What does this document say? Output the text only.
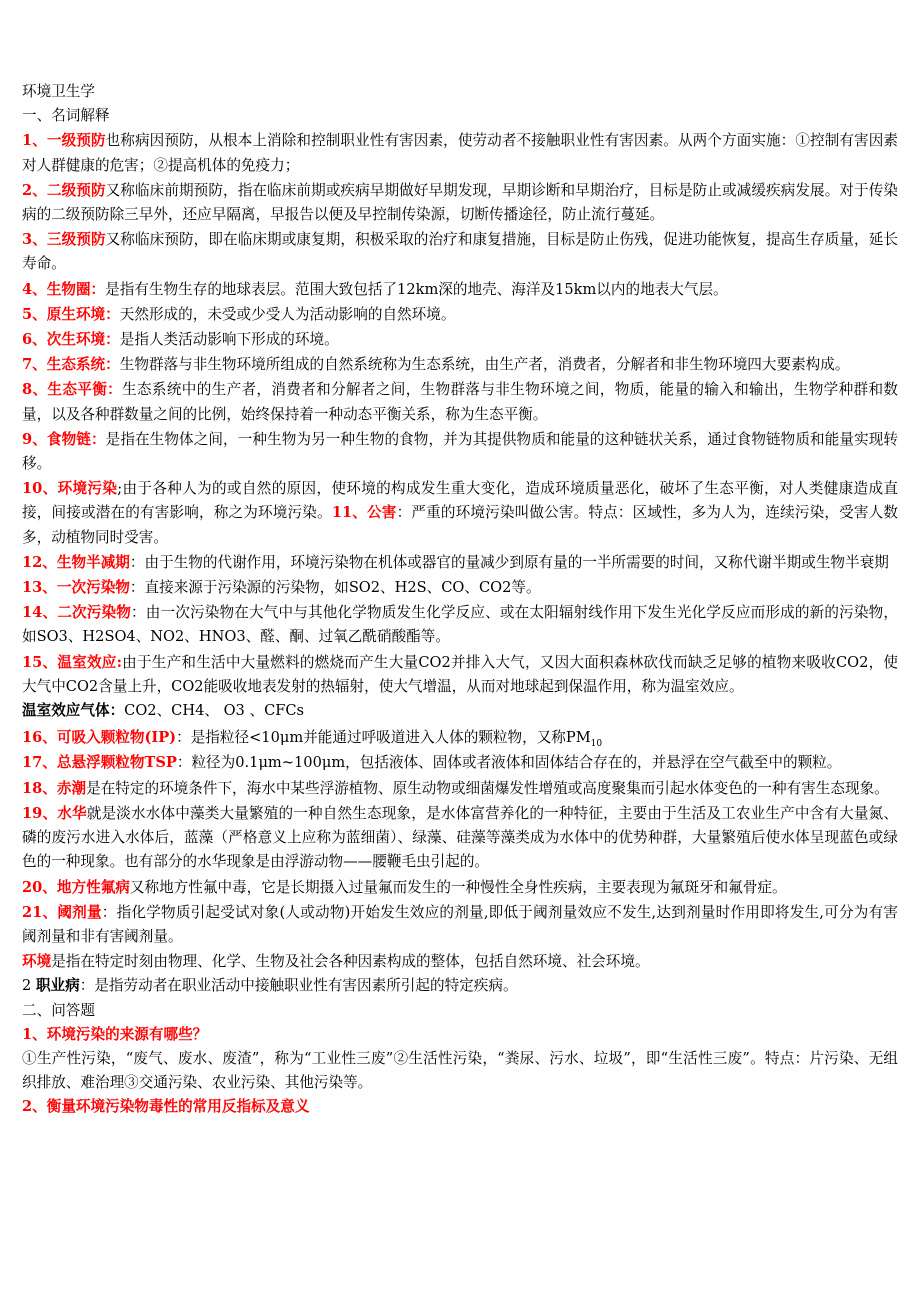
环境卫生学

一、名词解释

1、一级预防也称病因预防，从根本上消除和控制职业性有害因素，使劳动者不接触职业性有害因素。从两个方面实施：①控制有害因素对人群健康的危害；②提高机体的免疫力；

2、二级预防又称临床前期预防，指在临床前期或疾病早期做好早期发现，早期诊断和早期治疗，目标是防止或减缓疾病发展。对于传染病的二级预防除三早外，还应早隔离，早报告以便及早控制传染源，切断传播途径，防止流行蔓延。

3、三级预防又称临床预防，即在临床期或康复期，积极采取的治疗和康复措施，目标是防止伤残，促进功能恢复，提高生存质量，延长寿命。

4、生物圈：是指有生物生存的地球表层。范围大致包括了12km深的地壳、海洋及15km以内的地表大气层。

5、原生环境：天然形成的，未受或少受人为活动影响的自然环境。

6、次生环境：是指人类活动影响下形成的环境。

7、生态系统：生物群落与非生物环境所组成的自然系统称为生态系统，由生产者，消费者，分解者和非生物环境四大要素构成。

8、生态平衡：生态系统中的生产者，消费者和分解者之间，生物群落与非生物环境之间，物质，能量的输入和输出，生物学种群和数量，以及各种群数量之间的比例，始终保持着一种动态平衡关系，称为生态平衡。

9、食物链：是指在生物体之间，一种生物为另一种生物的食物，并为其提供物质和能量的这种链状关系，通过食物链物质和能量实现转移。

10、环境污染;由于各种人为的或自然的原因，使环境的构成发生重大变化，造成环境质量恶化，破坏了生态平衡，对人类健康造成直接，间接或潜在的有害影响，称之为环境污染。11、公害：严重的环境污染叫做公害。特点：区域性，多为人为，连续污染，受害人数多，动植物同时受害。

12、生物半减期：由于生物的代谢作用，环境污染物在机体或器官的量减少到原有量的一半所需要的时间，又称代谢半期或生物半衰期

13、一次污染物：直接来源于污染源的污染物，如SO2、H2S、CO、CO2等。

14、二次污染物：由一次污染物在大气中与其他化学物质发生化学反应、或在太阳辐射线作用下发生光化学反应而形成的新的污染物，如SO3、H2SO4、NO2、HNO3、醛、酮、过氧乙酰硝酸酯等。

15、温室效应:由于生产和生活中大量燃料的燃烧而产生大量CO2并排入大气，又因大面积森林砍伐而缺乏足够的植物来吸收CO2，使大气中CO2含量上升，CO2能吸收地表发射的热辐射，使大气增温，从而对地球起到保温作用，称为温室效应。

温室效应气体：CO2、CH4、 O3 、CFCs

16、可吸入颗粒物(IP)：是指粒径<10μm并能通过呼吸道进入人体的颗粒物，又称$PM_{10}$

17、总悬浮颗粒物TSP：粒径为0.1μm~100μm，包括液体、固体或者液体和固体结合存在的，并悬浮在空气截至中的颗粒。

18、赤潮是在特定的环境条件下，海水中某些浮游植物、原生动物或细菌爆发性增殖或高度聚集而引起水体变色的一种有害生态现象。

19、水华就是淡水水体中藻类大量繁殖的一种自然生态现象，是水体富营养化的一种特征，主要由于生活及工农业生产中含有大量氮、磷的废污水进入水体后，蓝藻（严格意义上应称为蓝细菌）、绿藻、硅藻等藻类成为水体中的优势种群，大量繁殖后使水体呈现蓝色或绿色的一种现象。也有部分的水华现象是由浮游动物——腰鞭毛虫引起的。

20、地方性氟病又称地方性氟中毒，它是长期摄入过量氟而发生的一种慢性全身性疾病，主要表现为氟斑牙和氟骨症。

21、阈剂量：指化学物质引起受试对象(人或动物)开始发生效应的剂量,即低于阈剂量效应不发生,达到剂量时作用即将发生,可分为有害阈剂量和非有害阈剂量。

环境是指在特定时刻由物理、化学、生物及社会各种因素构成的整体，包括自然环境、社会环境。

2 职业病：是指劳动者在职业活动中接触职业性有害因素所引起的特定疾病。

二、问答题

1、环境污染的来源有哪些？

①生产性污染，“废气、废水、废渣”，称为“工业性三废”②生活性污染，“粪尿、污水、垃圾”，即“生活性三废”。特点：片污染、无组织排放、难治理③交通污染、农业污染、其他污染等。

2、衡量环境污染物毒性的常用反指标及意义
